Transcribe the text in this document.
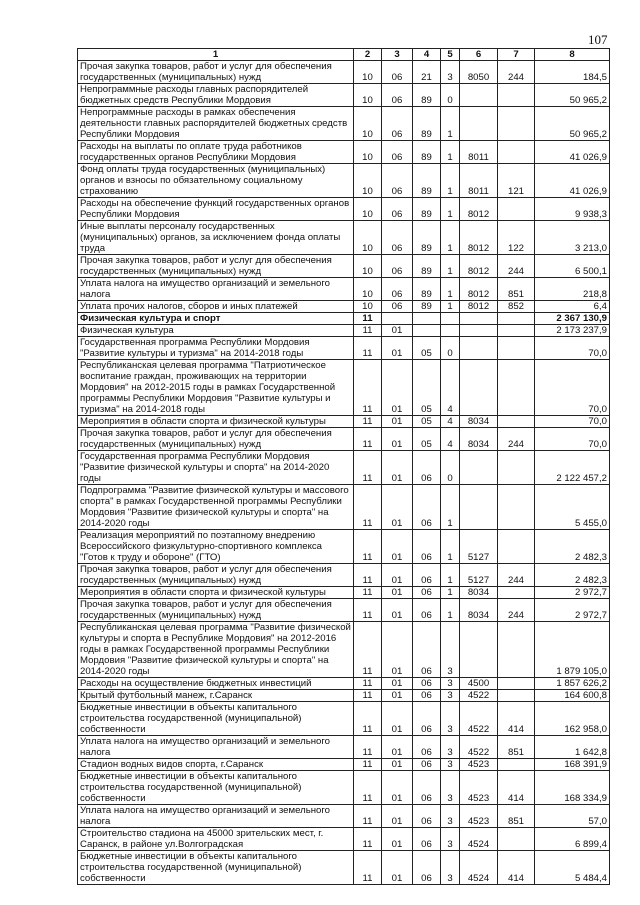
107
1	2	3	4	5	6	7	8
Прочая закупка товаров, работ и услуг для обеспечения государственных (муниципальных) нужд	10	06	21	3	8050	244	184,5
Непрограммные расходы главных распорядителей бюджетных средств Республики Мордовия	10	06	89	0			50 965,2
Непрограммные расходы в рамках обеспечения деятельности главных распорядителей бюджетных средств Республики Мордовия	10	06	89	1			50 965,2
Расходы на выплаты по оплате труда работников государственных органов Республики Мордовия	10	06	89	1	8011		41 026,9
Фонд оплаты труда государственных (муниципальных) органов и взносы по обязательному социальному страхованию	10	06	89	1	8011	121	41 026,9
Расходы на обеспечение функций государственных органов Республики Мордовия	10	06	89	1	8012		9 938,3
Иные выплаты персоналу государственных (муниципальных) органов, за исключением фонда оплаты труда	10	06	89	1	8012	122	3 213,0
Прочая закупка товаров, работ и услуг для обеспечения государственных (муниципальных) нужд	10	06	89	1	8012	244	6 500,1
Уплата налога на имущество организаций и земельного налога	10	06	89	1	8012	851	218,8
Уплата прочих налогов, сборов и иных платежей	10	06	89	1	8012	852	6,4
Физическая культура и спорт	11						2 367 130,9
Физическая культура	11	01					2 173 237,9
Государственная программа Республики Мордовия "Развитие культуры и туризма" на 2014-2018 годы	11	01	05	0			70,0
Республиканская целевая программа "Патриотическое воспитание граждан, проживающих на территории Мордовия" на 2012-2015 годы в рамках Государственной программы Республики Мордовия "Развитие культуры и туризма" на 2014-2018 годы	11	01	05	4			70,0
Мероприятия в области спорта и физической культуры	11	01	05	4	8034		70,0
Прочая закупка товаров, работ и услуг для обеспечения государственных (муниципальных) нужд	11	01	05	4	8034	244	70,0
Государственная программа Республики Мордовия "Развитие физической культуры и спорта" на 2014-2020 годы	11	01	06	0			2 122 457,2
Подпрограмма "Развитие физической культуры и массового спорта" в рамках Государственной программы Республики Мордовия "Развитие физической культуры и спорта" на 2014-2020 годы	11	01	06	1			5 455,0
Реализация мероприятий по поэтапному внедрению Всероссийского физкультурно-спортивного комплекса "Готов к труду и обороне" (ГТО)	11	01	06	1	5127		2 482,3
Прочая закупка товаров, работ и услуг для обеспечения государственных (муниципальных) нужд	11	01	06	1	5127	244	2 482,3
Мероприятия в области спорта и физической культуры	11	01	06	1	8034		2 972,7
Прочая закупка товаров, работ и услуг для обеспечения государственных (муниципальных) нужд	11	01	06	1	8034	244	2 972,7
Республиканская целевая программа "Развитие физической культуры и спорта в Республике Мордовия" на 2012-2016 годы в рамках Государственной программы Республики Мордовия "Развитие физической культуры и спорта" на 2014-2020 годы	11	01	06	3			1 879 105,0
Расходы на осуществление бюджетных инвестиций	11	01	06	3	4500		1 857 626,2
Крытый футбольный манеж, г.Саранск	11	01	06	3	4522		164 600,8
Бюджетные инвестиции в объекты капитального строительства государственной (муниципальной) собственности	11	01	06	3	4522	414	162 958,0
Уплата налога на имущество организаций и земельного налога	11	01	06	3	4522	851	1 642,8
Стадион водных видов спорта, г.Саранск	11	01	06	3	4523		168 391,9
Бюджетные инвестиции в объекты капитального строительства государственной (муниципальной) собственности	11	01	06	3	4523	414	168 334,9
Уплата налога на имущество организаций и земельного налога	11	01	06	3	4523	851	57,0
Строительство стадиона на 45000 зрительских мест, г. Саранск, в районе ул.Волгоградская	11	01	06	3	4524		6 899,4
Бюджетные инвестиции в объекты капитального строительства государственной (муниципальной) собственности	11	01	06	3	4524	414	5 484,4
